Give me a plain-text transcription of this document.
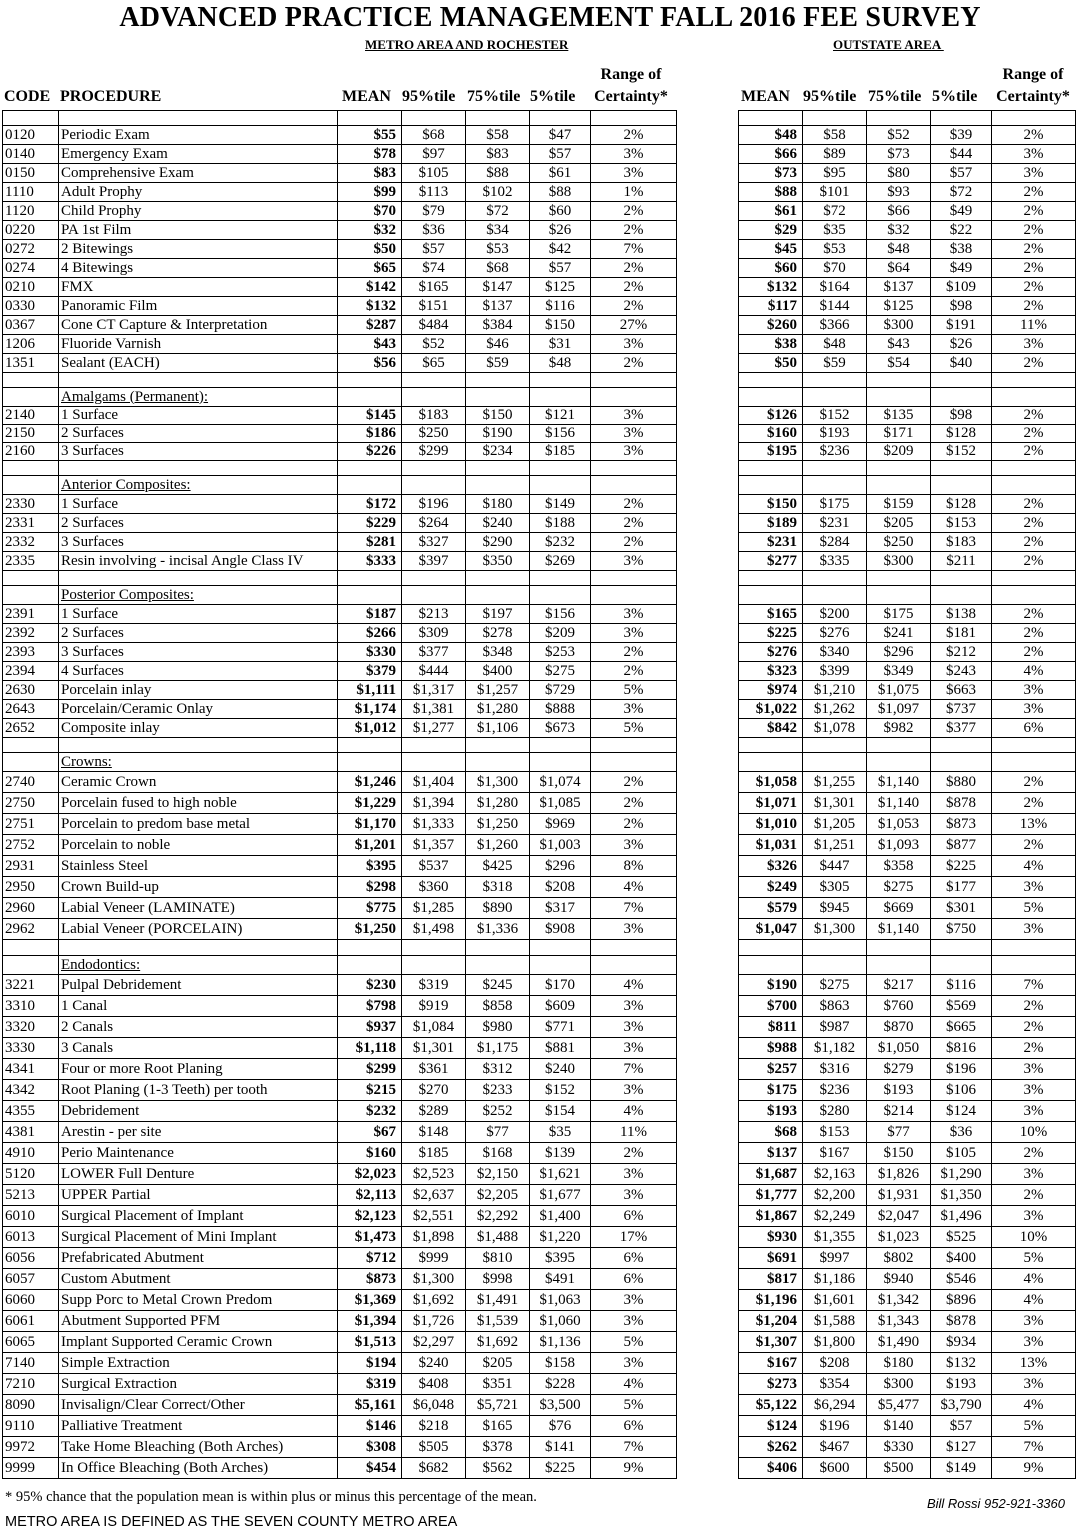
ADVANCED PRACTICE MANAGEMENT FALL 2016 FEE SURVEY
METRO AREA AND ROCHESTER	OUTSTATE AREA
CODE PROCEDURE	MEAN 95%tile 75%tile 5%tile
Range of
Certainty*	MEAN 95%tile 75%tile 5%tile
Range of
Certainty*

0120	Periodic Exam	$55	$68	$58	$47	2%		$48	$58	$52	$39	2%
0140	Emergency Exam	$78	$97	$83	$57	3%		$66	$89	$73	$44	3%
0150	Comprehensive Exam	$83	$105	$88	$61	3%		$73	$95	$80	$57	3%
1110	Adult Prophy	$99	$113	$102	$88	1%		$88	$101	$93	$72	2%
1120	Child Prophy	$70	$79	$72	$60	2%		$61	$72	$66	$49	2%
0220	PA 1st Film	$32	$36	$34	$26	2%		$29	$35	$32	$22	2%
0272	2 Bitewings	$50	$57	$53	$42	7%		$45	$53	$48	$38	2%
0274	4 Bitewings	$65	$74	$68	$57	2%		$60	$70	$64	$49	2%
0210	FMX	$142	$165	$147	$125	2%		$132	$164	$137	$109	2%
0330	Panoramic Film	$132	$151	$137	$116	2%		$117	$144	$125	$98	2%
0367	Cone CT Capture & Interpretation	$287	$484	$384	$150	27%		$260	$366	$300	$191	11%
1206	Fluoride Varnish	$43	$52	$46	$31	3%		$38	$48	$43	$26	3%
1351	Sealant (EACH)	$56	$65	$59	$48	2%		$50	$59	$54	$40	2%

	Amalgams (Permanent):											
2140	1 Surface	$145	$183	$150	$121	3%		$126	$152	$135	$98	2%
2150	2 Surfaces	$186	$250	$190	$156	3%		$160	$193	$171	$128	2%
2160	3 Surfaces	$226	$299	$234	$185	3%		$195	$236	$209	$152	2%

	Anterior Composites:											
2330	1 Surface	$172	$196	$180	$149	2%		$150	$175	$159	$128	2%
2331	2 Surfaces	$229	$264	$240	$188	2%		$189	$231	$205	$153	2%
2332	3 Surfaces	$281	$327	$290	$232	2%		$231	$284	$250	$183	2%
2335	Resin involving - incisal Angle Class IV	$333	$397	$350	$269	3%		$277	$335	$300	$211	2%

	Posterior Composites:											
2391	1 Surface	$187	$213	$197	$156	3%		$165	$200	$175	$138	2%
2392	2 Surfaces	$266	$309	$278	$209	3%		$225	$276	$241	$181	2%
2393	3 Surfaces	$330	$377	$348	$253	2%		$276	$340	$296	$212	2%
2394	4 Surfaces	$379	$444	$400	$275	2%		$323	$399	$349	$243	4%
2630	Porcelain inlay	$1,111	$1,317	$1,257	$729	5%		$974	$1,210	$1,075	$663	3%
2643	Porcelain/Ceramic Onlay	$1,174	$1,381	$1,280	$888	3%		$1,022	$1,262	$1,097	$737	3%
2652	Composite inlay	$1,012	$1,277	$1,106	$673	5%		$842	$1,078	$982	$377	6%

	Crowns:											
2740	Ceramic Crown	$1,246	$1,404	$1,300	$1,074	2%		$1,058	$1,255	$1,140	$880	2%
2750	Porcelain fused to high noble	$1,229	$1,394	$1,280	$1,085	2%		$1,071	$1,301	$1,140	$878	2%
2751	Porcelain to predom base metal	$1,170	$1,333	$1,250	$969	2%		$1,010	$1,205	$1,053	$873	13%
2752	Porcelain to noble	$1,201	$1,357	$1,260	$1,003	3%		$1,031	$1,251	$1,093	$877	2%
2931	Stainless Steel	$395	$537	$425	$296	8%		$326	$447	$358	$225	4%
2950	Crown Build-up	$298	$360	$318	$208	4%		$249	$305	$275	$177	3%
2960	Labial Veneer (LAMINATE)	$775	$1,285	$890	$317	7%		$579	$945	$669	$301	5%
2962	Labial Veneer (PORCELAIN)	$1,250	$1,498	$1,336	$908	3%		$1,047	$1,300	$1,140	$750	3%

	Endodontics:											
3221	Pulpal Debridement	$230	$319	$245	$170	4%		$190	$275	$217	$116	7%
3310	1 Canal	$798	$919	$858	$609	3%		$700	$863	$760	$569	2%
3320	2 Canals	$937	$1,084	$980	$771	3%		$811	$987	$870	$665	2%
3330	3 Canals	$1,118	$1,301	$1,175	$881	3%		$988	$1,182	$1,050	$816	2%
4341	Four or more Root Planing	$299	$361	$312	$240	7%		$257	$316	$279	$196	3%
4342	Root Planing (1-3 Teeth) per tooth	$215	$270	$233	$152	3%		$175	$236	$193	$106	3%
4355	Debridement	$232	$289	$252	$154	4%		$193	$280	$214	$124	3%
4381	Arestin - per site	$67	$148	$77	$35	11%		$68	$153	$77	$36	10%
4910	Perio Maintenance	$160	$185	$168	$139	2%		$137	$167	$150	$105	2%
5120	LOWER Full Denture	$2,023	$2,523	$2,150	$1,621	3%		$1,687	$2,163	$1,826	$1,290	3%
5213	UPPER Partial	$2,113	$2,637	$2,205	$1,677	3%		$1,777	$2,200	$1,931	$1,350	2%
6010	Surgical Placement of Implant	$2,123	$2,551	$2,292	$1,400	6%		$1,867	$2,249	$2,047	$1,496	3%
6013	Surgical Placement of Mini Implant	$1,473	$1,898	$1,488	$1,220	17%		$930	$1,355	$1,023	$525	10%
6056	Prefabricated Abutment	$712	$999	$810	$395	6%		$691	$997	$802	$400	5%
6057	Custom Abutment	$873	$1,300	$998	$491	6%		$817	$1,186	$940	$546	4%
6060	Supp Porc to Metal Crown Predom	$1,369	$1,692	$1,491	$1,063	3%		$1,196	$1,601	$1,342	$896	4%
6061	Abutment Supported PFM	$1,394	$1,726	$1,539	$1,060	3%		$1,204	$1,588	$1,343	$878	3%
6065	Implant Supported Ceramic Crown	$1,513	$2,297	$1,692	$1,136	5%		$1,307	$1,800	$1,490	$934	3%
7140	Simple Extraction	$194	$240	$205	$158	3%		$167	$208	$180	$132	13%
7210	Surgical Extraction	$319	$408	$351	$228	4%		$273	$354	$300	$193	3%
8090	Invisalign/Clear Correct/Other	$5,161	$6,048	$5,721	$3,500	5%		$5,122	$6,294	$5,477	$3,790	4%
9110	Palliative Treatment	$146	$218	$165	$76	6%		$124	$196	$140	$57	5%
9972	Take Home Bleaching (Both Arches)	$308	$505	$378	$141	7%		$262	$467	$330	$127	7%
9999	In Office Bleaching (Both Arches)	$454	$682	$562	$225	9%		$406	$600	$500	$149	9%
* 95% chance that the population mean is within plus or minus this percentage of the mean.
METRO AREA IS DEFINED AS THE SEVEN COUNTY METRO AREA
Bill Rossi 952-921-3360
